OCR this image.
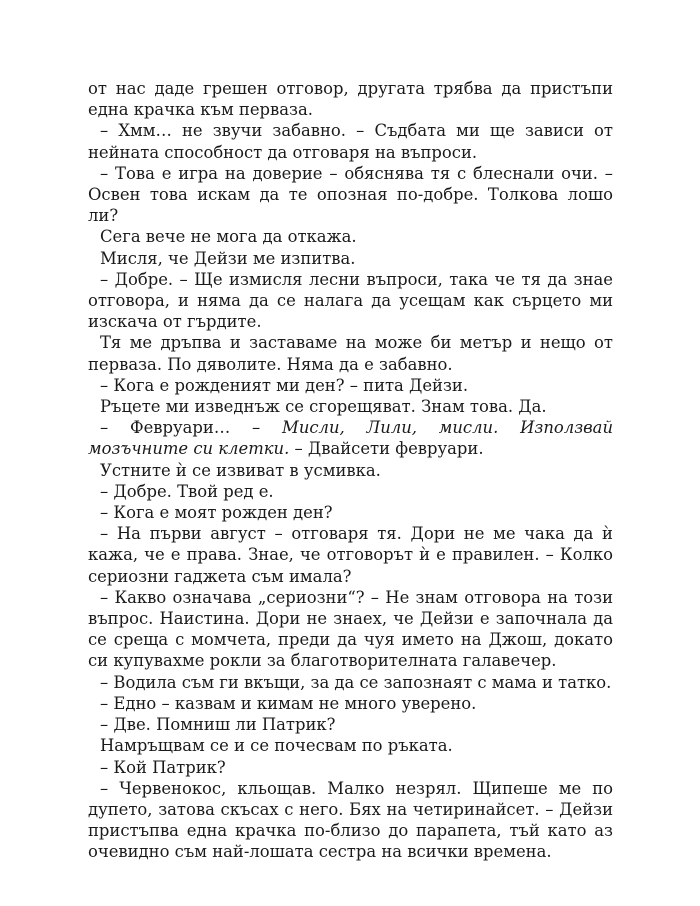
от нас даде грешен отговор, другата трябва да пристъпи една крачка към перваза.

– Хмм… не звучи забавно. – Съдбата ми ще зависи от нейната способност да отговаря на въпроси.

– Това е игра на доверие – обяснява тя с блеснали очи. – Освен това искам да те опозная по-добре. Толкова лошо ли?

Сега вече не мога да откажа.

Мисля, че Дейзи ме изпитва.

– Добре. – Ще измисля лесни въпроси, така че тя да знае отговора, и няма да се налага да усещам как сърцето ми изскача от гърдите.

Тя ме дръпва и заставаме на може би метър и нещо от перваза. По дяволите. Няма да е забавно.

– Кога е рожденият ми ден? – пита Дейзи.

Ръцете ми изведнъж се сгорещяват. Знам това. Да.

– Февруари… – Мисли, Лили, мисли. Използвай мозъчните си клетки. – Двайсети февруари.

Устните ѝ се извиват в усмивка.

– Добре. Твой ред е.

– Кога е моят рожден ден?

– На първи август – отговаря тя. Дори не ме чака да ѝ кажа, че е права. Знае, че отговорът ѝ е правилен. – Колко сериозни гаджета съм имала?

– Какво означава „сериозни“? – Не знам отговора на този въпрос. Наистина. Дори не знаех, че Дейзи е започнала да се среща с момчета, преди да чуя името на Джош, докато си купувахме рокли за благотворителната галавечер.

– Водила съм ги вкъщи, за да се запознаят с мама и татко.

– Едно – казвам и кимам не много уверено.

– Две. Помниш ли Патрик?

Намръщвам се и се почесвам по ръката.

– Кой Патрик?

– Червенокос, кльощав. Малко незрял. Щипеше ме по дупето, затова скъсах с него. Бях на четиринайсет. – Дейзи пристъпва една крачка по-близо до парапета, тъй като аз очевидно съм най-лошата сестра на всички времена.
